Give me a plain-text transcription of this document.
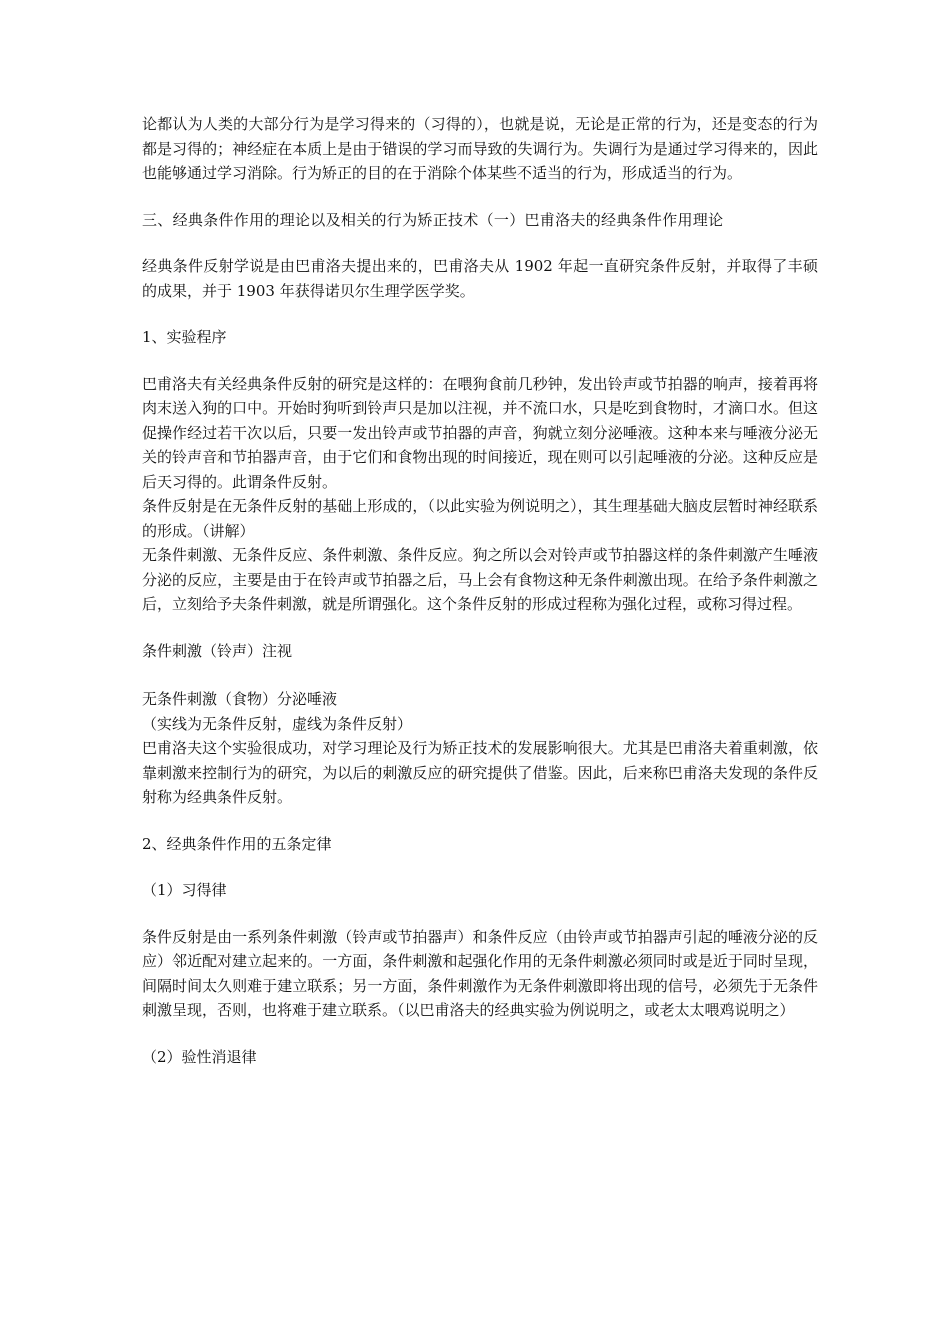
论都认为人类的大部分行为是学习得来的（习得的），也就是说，无论是正常的行为，还是变态的行为都是习得的；神经症在本质上是由于错误的学习而导致的失调行为。失调行为是通过学习得来的，因此也能够通过学习消除。行为矫正的目的在于消除个体某些不适当的行为，形成适当的行为。

三、经典条件作用的理论以及相关的行为矫正技术（一）巴甫洛夫的经典条件作用理论

经典条件反射学说是由巴甫洛夫提出来的，巴甫洛夫从 1902 年起一直研究条件反射，并取得了丰硕的成果，并于 1903 年获得诺贝尔生理学医学奖。

1、实验程序

巴甫洛夫有关经典条件反射的研究是这样的：在喂狗食前几秒钟，发出铃声或节拍器的响声，接着再将肉末送入狗的口中。开始时狗听到铃声只是加以注视，并不流口水，只是吃到食物时，才滴口水。但这促操作经过若干次以后，只要一发出铃声或节拍器的声音，狗就立刻分泌唾液。这种本来与唾液分泌无关的铃声音和节拍器声音，由于它们和食物出现的时间接近，现在则可以引起唾液的分泌。这种反应是后天习得的。此谓条件反射。

条件反射是在无条件反射的基础上形成的，（以此实验为例说明之），其生理基础大脑皮层暂时神经联系的形成。（讲解）

无条件刺激、无条件反应、条件刺激、条件反应。狗之所以会对铃声或节拍器这样的条件刺激产生唾液分泌的反应，主要是由于在铃声或节拍器之后，马上会有食物这种无条件刺激出现。在给予条件刺激之后，立刻给予夫条件刺激，就是所谓强化。这个条件反射的形成过程称为强化过程，或称习得过程。

条件刺激（铃声）注视

无条件刺激（食物）分泌唾液

（实线为无条件反射，虚线为条件反射）

巴甫洛夫这个实验很成功，对学习理论及行为矫正技术的发展影响很大。尤其是巴甫洛夫着重刺激，依靠刺激来控制行为的研究，为以后的刺激反应的研究提供了借鉴。因此，后来称巴甫洛夫发现的条件反射称为经典条件反射。

2、经典条件作用的五条定律

（1）习得律

条件反射是由一系列条件刺激（铃声或节拍器声）和条件反应（由铃声或节拍器声引起的唾液分泌的反应）邻近配对建立起来的。一方面，条件刺激和起强化作用的无条件刺激必须同时或是近于同时呈现，间隔时间太久则难于建立联系；另一方面，条件刺激作为无条件刺激即将出现的信号，必须先于无条件刺激呈现，否则，也将难于建立联系。（以巴甫洛夫的经典实验为例说明之，或老太太喂鸡说明之）

（2）验性消退律
